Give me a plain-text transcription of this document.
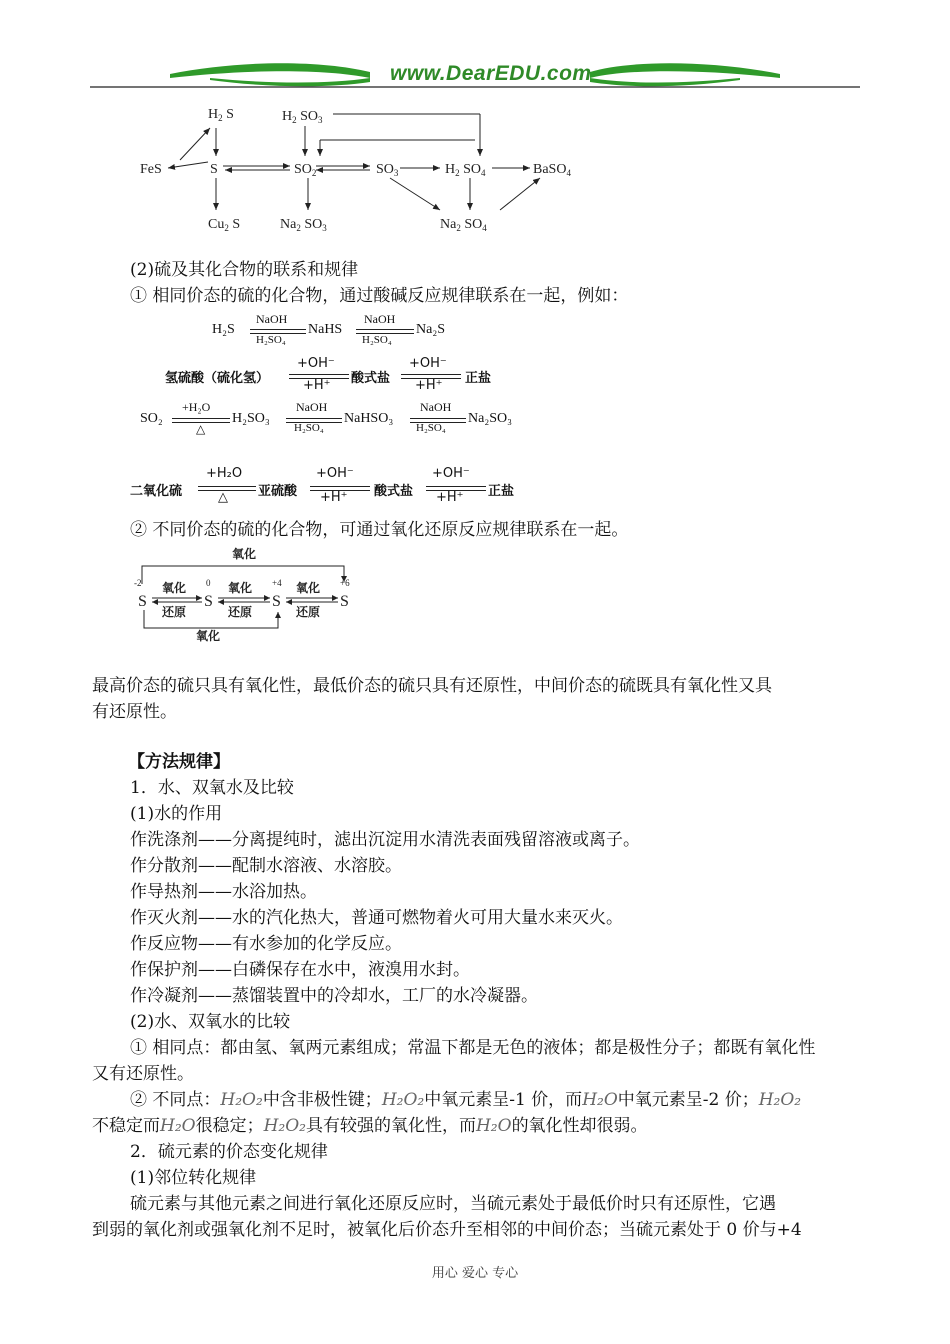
www.DearEDU.com
$H_2$ S	$H_2$ $SO_3$
FeS	S	$SO_2$	$SO_3$	$H_2$ $SO_4$	BaSO$_4$
$Cu_2$ S	$Na_2$ $SO_3$	$Na_2$ $SO_4$
(2)硫及其化合物的联系和规律
① 相同价态的硫的化合物，通过酸碱反应规律联系在一起，例如：
H₂S
NaOH
H₂SO₄
NaHS
NaOH
H₂SO₄
Na₂S
氢硫酸（硫化氢）
+OH⁻
+H⁺ 酸式盐
+OH⁻
+H⁺ 正盐
SO₂
+H₂O
△
H₂SO₃
NaOH
H₂SO₄
NaHSO₃
NaOH
H₂SO₄
Na₂SO₃
二氧化硫
+H₂O
△ 亚硫酸
+OH⁻
+H⁺ 酸式盐
+OH⁻
+H⁺ 正盐
② 不同价态的硫的化合物，可通过氧化还原反应规律联系在一起。
氧化
氧化	氧化	氧化
还原	还原	还原
氧化
S
-2
S
0
S
+4
S
+6
最高价态的硫只具有氧化性，最低价态的硫只具有还原性，中间价态的硫既具有氧化性又具
有还原性。
【方法规律】
1．水、双氧水及比较
(1)水的作用
作洗涤剂——分离提纯时，滤出沉淀用水清洗表面残留溶液或离子。
作分散剂——配制水溶液、水溶胶。
作导热剂——水浴加热。
作灭火剂——水的汽化热大，普通可燃物着火可用大量水来灭火。
作反应物——有水参加的化学反应。
作保护剂——白磷保存在水中，液溴用水封。
作冷凝剂——蒸馏装置中的冷却水，工厂的水冷凝器。
(2)水、双氧水的比较
① 相同点：都由氢、氧两元素组成；常温下都是无色的液体；都是极性分子；都既有氧化性
又有还原性。
② 不同点：H₂O₂中含非极性键；H₂O₂中氧元素呈-1 价，而H₂O中氧元素呈-2 价；H₂O₂
不稳定而H₂O很稳定；H₂O₂具有较强的氧化性，而H₂O的氧化性却很弱。
2．硫元素的价态变化规律
(1)邻位转化规律
硫元素与其他元素之间进行氧化还原反应时，当硫元素处于最低价时只有还原性，它遇
到弱的氧化剂或强氧化剂不足时，被氧化后价态升至相邻的中间价态；当硫元素处于 0 价与+4
用心 爱心 专心
